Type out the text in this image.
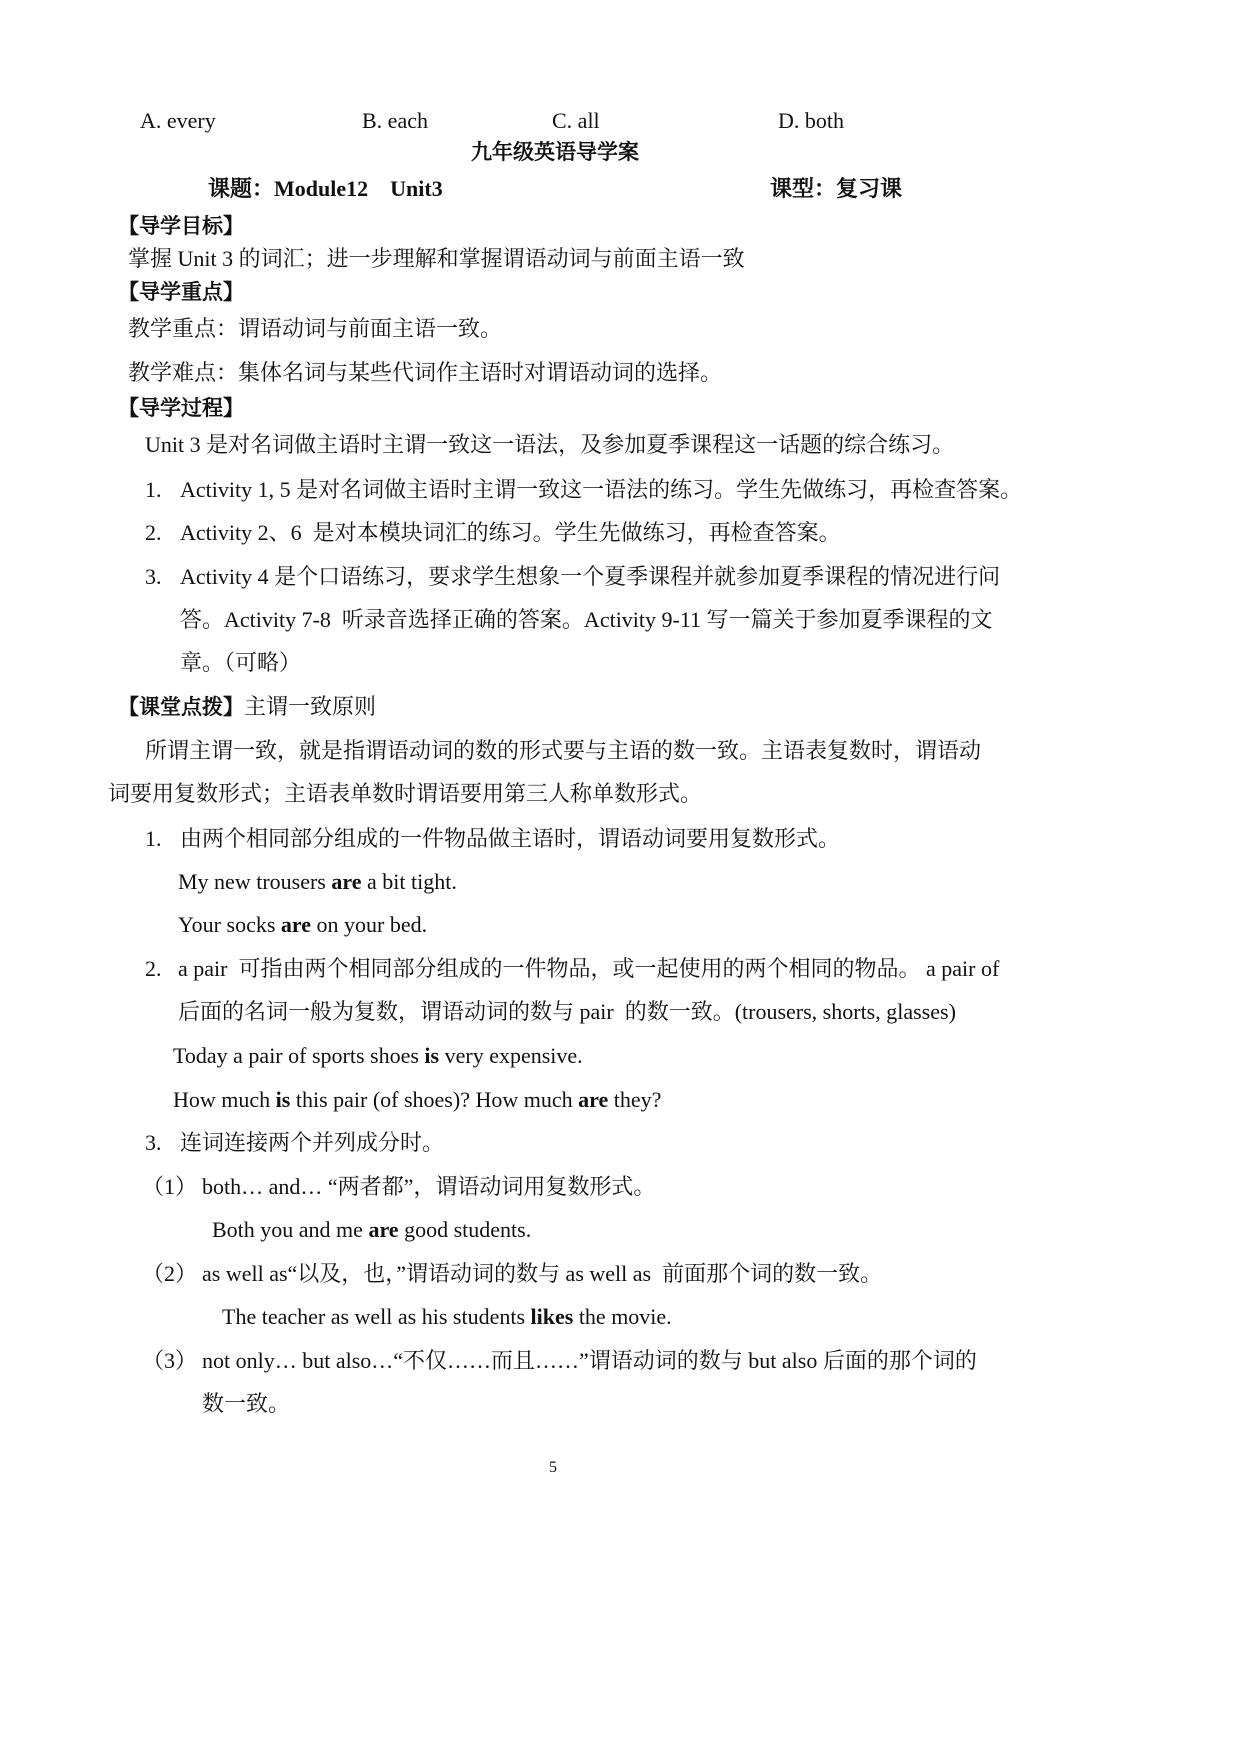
A. every	B. each	C. all	D. both
九年级英语导学案
课题：Module12    Unit3	课型：复习课
【导学目标】
掌握 Unit 3 的词汇；进一步理解和掌握谓语动词与前面主语一致
【导学重点】
教学重点：谓语动词与前面主语一致。
教学难点：集体名词与某些代词作主语时对谓语动词的选择。
【导学过程】
Unit 3 是对名词做主语时主谓一致这一语法，及参加夏季课程这一话题的综合练习。
1. Activity 1, 5 是对名词做主语时主谓一致这一语法的练习。学生先做练习，再检查答案。
2. Activity 2、6  是对本模块词汇的练习。学生先做练习，再检查答案。
3. Activity 4 是个口语练习，要求学生想象一个夏季课程并就参加夏季课程的情况进行问
答。Activity 7-8  听录音选择正确的答案。Activity 9-11 写一篇关于参加夏季课程的文
章。（可略）
【课堂点拨】主谓一致原则
所谓主谓一致，就是指谓语动词的数的形式要与主语的数一致。主语表复数时，谓语动
词要用复数形式；主语表单数时谓语要用第三人称单数形式。
1. 由两个相同部分组成的一件物品做主语时，谓语动词要用复数形式。
My new trousers are a bit tight.
Your socks are on your bed.
2. a pair  可指由两个相同部分组成的一件物品，或一起使用的两个相同的物品。 a pair of
后面的名词一般为复数，谓语动词的数与 pair  的数一致。(trousers, shorts, glasses)
Today a pair of sports shoes is very expensive.
How much is this pair (of shoes)? How much are they?
3. 连词连接两个并列成分时。
（1） both… and… “两者都”，谓语动词用复数形式。
Both you and me are good students.
（2） as well as“以及，也，”谓语动词的数与 as well as  前面那个词的数一致。
The teacher as well as his students likes the movie.
（3） not only… but also…“不仅……而且……”谓语动词的数与 but also 后面的那个词的
数一致。
5
